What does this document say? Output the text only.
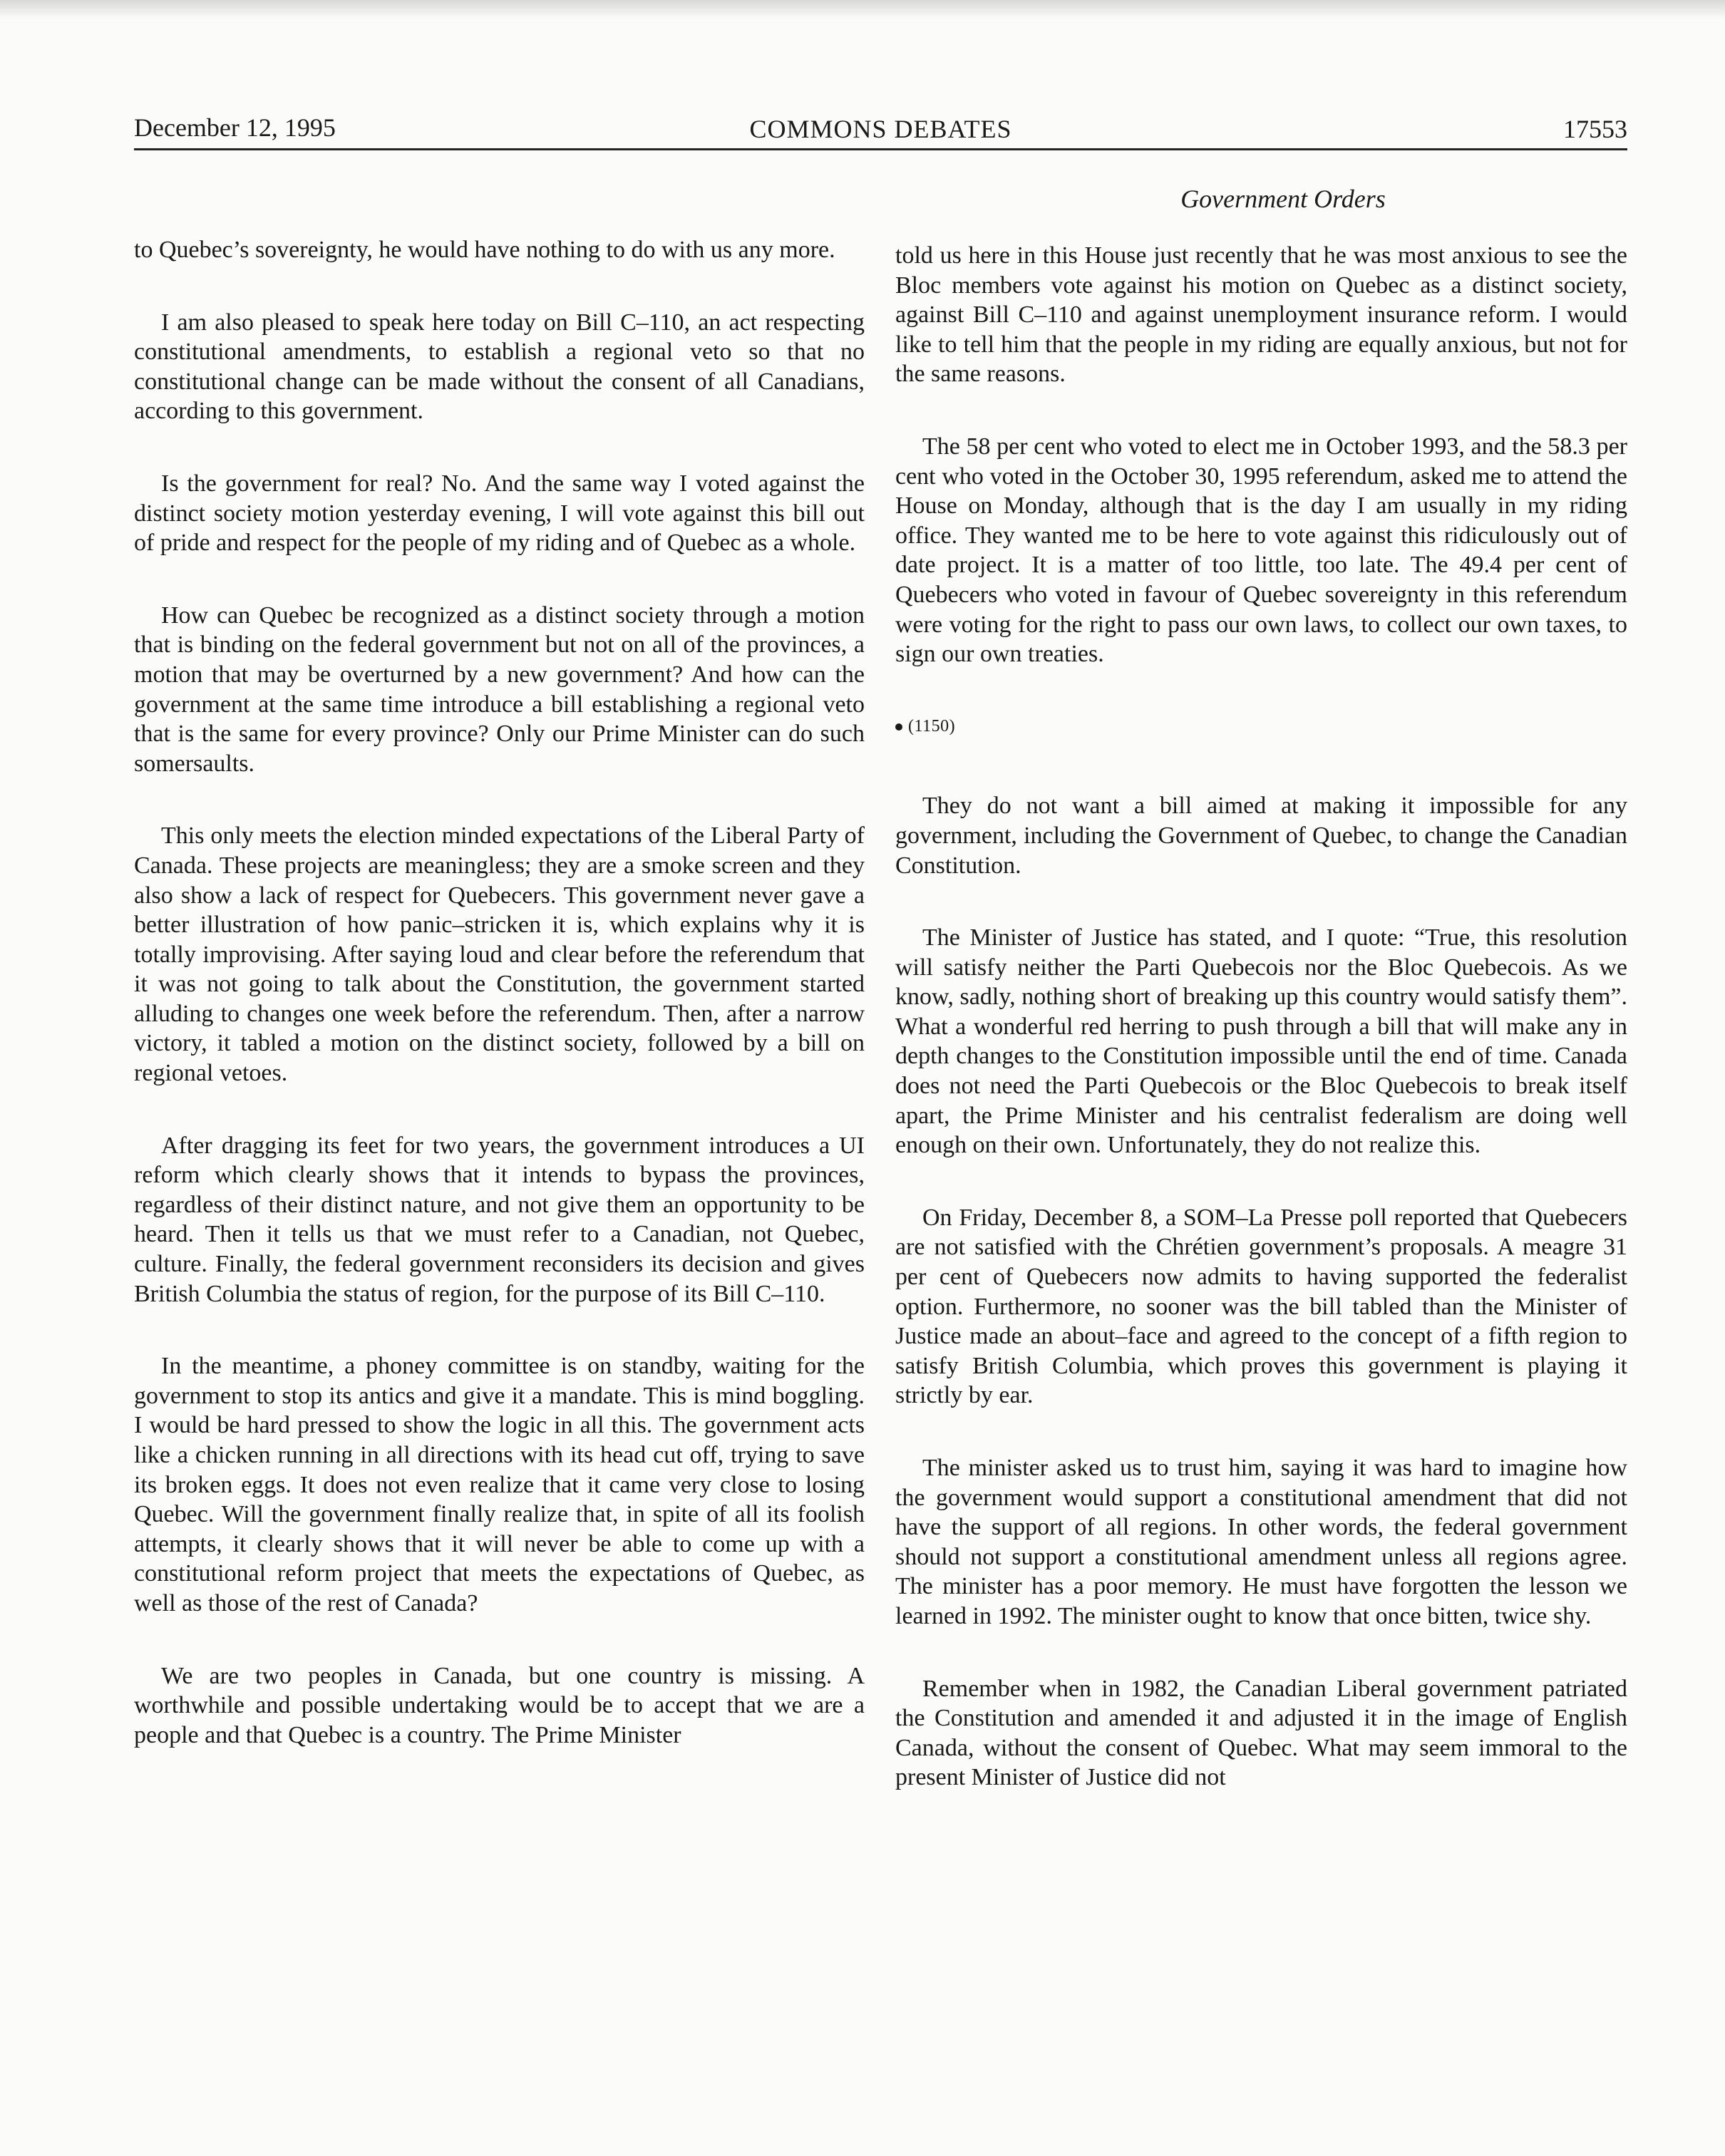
December 12, 1995	COMMONS DEBATES	17553
Government Orders

to Quebec’s sovereignty, he would have nothing to do with us any more.

I am also pleased to speak here today on Bill C–110, an act respecting constitutional amendments, to establish a regional veto so that no constitutional change can be made without the consent of all Canadians, according to this government.

Is the government for real? No. And the same way I voted against the distinct society motion yesterday evening, I will vote against this bill out of pride and respect for the people of my riding and of Quebec as a whole.

How can Quebec be recognized as a distinct society through a motion that is binding on the federal government but not on all of the provinces, a motion that may be overturned by a new government? And how can the government at the same time introduce a bill establishing a regional veto that is the same for every province? Only our Prime Minister can do such somersaults.

This only meets the election minded expectations of the Liberal Party of Canada. These projects are meaningless; they are a smoke screen and they also show a lack of respect for Quebecers. This government never gave a better illustration of how panic–stricken it is, which explains why it is totally improvising. After saying loud and clear before the referendum that it was not going to talk about the Constitution, the government started alluding to changes one week before the referendum. Then, after a narrow victory, it tabled a motion on the distinct society, followed by a bill on regional vetoes.

After dragging its feet for two years, the government introduces a UI reform which clearly shows that it intends to bypass the provinces, regardless of their distinct nature, and not give them an opportunity to be heard. Then it tells us that we must refer to a Canadian, not Quebec, culture. Finally, the federal government reconsiders its decision and gives British Columbia the status of region, for the purpose of its Bill C–110.

In the meantime, a phoney committee is on standby, waiting for the government to stop its antics and give it a mandate. This is mind boggling. I would be hard pressed to show the logic in all this. The government acts like a chicken running in all directions with its head cut off, trying to save its broken eggs. It does not even realize that it came very close to losing Quebec. Will the government finally realize that, in spite of all its foolish attempts, it clearly shows that it will never be able to come up with a constitutional reform project that meets the expectations of Quebec, as well as those of the rest of Canada?

We are two peoples in Canada, but one country is missing. A worthwhile and possible undertaking would be to accept that we are a people and that Quebec is a country. The Prime Minister

told us here in this House just recently that he was most anxious to see the Bloc members vote against his motion on Quebec as a distinct society, against Bill C–110 and against unemployment insurance reform. I would like to tell him that the people in my riding are equally anxious, but not for the same reasons.

The 58 per cent who voted to elect me in October 1993, and the 58.3 per cent who voted in the October 30, 1995 referendum, asked me to attend the House on Monday, although that is the day I am usually in my riding office. They wanted me to be here to vote against this ridiculously out of date project. It is a matter of too little, too late. The 49.4 per cent of Quebecers who voted in favour of Quebec sovereignty in this referendum were voting for the right to pass our own laws, to collect our own taxes, to sign our own treaties.

(1150)

They do not want a bill aimed at making it impossible for any government, including the Government of Quebec, to change the Canadian Constitution.

The Minister of Justice has stated, and I quote: “True, this resolution will satisfy neither the Parti Quebecois nor the Bloc Quebecois. As we know, sadly, nothing short of breaking up this country would satisfy them”. What a wonderful red herring to push through a bill that will make any in depth changes to the Constitution impossible until the end of time. Canada does not need the Parti Quebecois or the Bloc Quebecois to break itself apart, the Prime Minister and his centralist federalism are doing well enough on their own. Unfortunately, they do not realize this.

On Friday, December 8, a SOM–La Presse poll reported that Quebecers are not satisfied with the Chrétien government’s proposals. A meagre 31 per cent of Quebecers now admits to having supported the federalist option. Furthermore, no sooner was the bill tabled than the Minister of Justice made an about–face and agreed to the concept of a fifth region to satisfy British Columbia, which proves this government is playing it strictly by ear.

The minister asked us to trust him, saying it was hard to imagine how the government would support a constitutional amendment that did not have the support of all regions. In other words, the federal government should not support a constitutional amendment unless all regions agree. The minister has a poor memory. He must have forgotten the lesson we learned in 1992. The minister ought to know that once bitten, twice shy.

Remember when in 1982, the Canadian Liberal government patriated the Constitution and amended it and adjusted it in the image of English Canada, without the consent of Quebec. What may seem immoral to the present Minister of Justice did not
